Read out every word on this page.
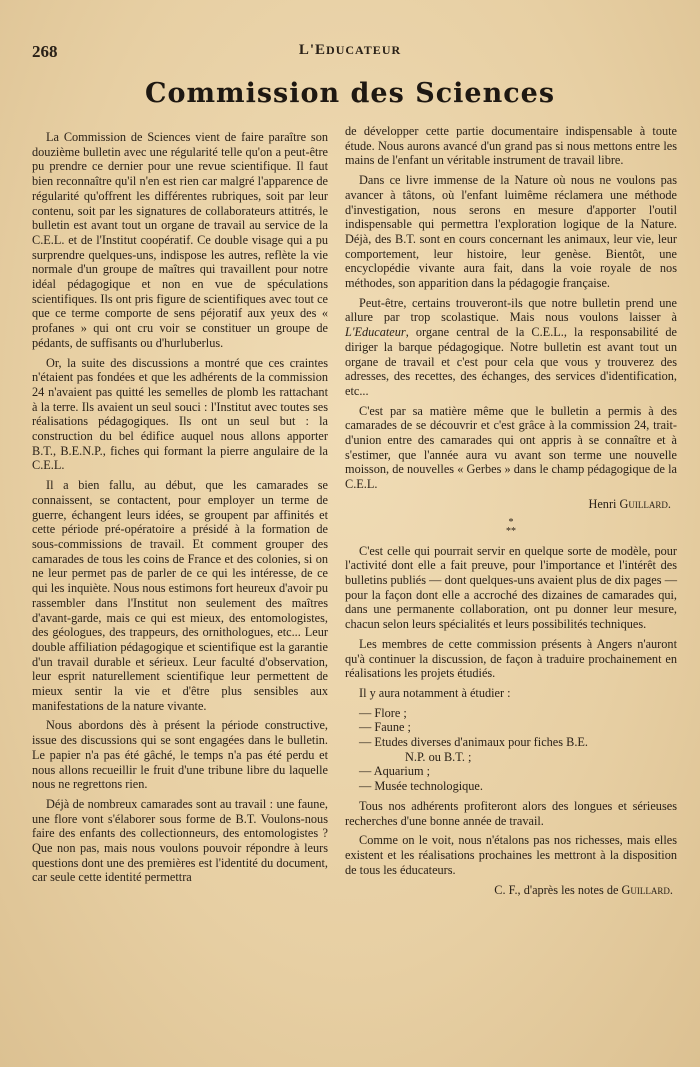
268	L'EDUCATEUR
Commission des Sciences

La Commission de Sciences vient de faire paraître son douzième bulletin avec une régularité telle qu'on a peut-être pu prendre ce dernier pour une revue scientifique. Il faut bien reconnaître qu'il n'en est rien car malgré l'apparence de régularité qu'offrent les différentes rubriques, soit par leur contenu, soit par les signatures de collaborateurs attitrés, le bulletin est avant tout un organe de travail au service de la C.E.L. et de l'Institut coopératif. Ce double visage qui a pu surprendre quelques-uns, indispose les autres, reflète la vie normale d'un groupe de maîtres qui travaillent pour notre idéal pédagogique et non en vue de spéculations scientifiques. Ils ont pris figure de scientifiques avec tout ce que ce terme comporte de sens péjoratif aux yeux des « profanes » qui ont cru voir se constituer un groupe de pédants, de suffisants ou d'hurluberlus.

Or, la suite des discussions a montré que ces craintes n'étaient pas fondées et que les adhérents de la commission 24 n'avaient pas quitté les semelles de plomb les rattachant à la terre. Ils avaient un seul souci : l'Institut avec toutes ses réalisations pédagogiques. Ils ont un seul but : la construction du bel édifice auquel nous allons apporter B.T., B.E.N.P., fiches qui formant la pierre angulaire de la C.E.L.

Il a bien fallu, au début, que les camarades se connaissent, se contactent, pour employer un terme de guerre, échangent leurs idées, se groupent par affinités et cette période pré-opératoire a présidé à la formation de sous-commissions de travail. Et comment grouper des camarades de tous les coins de France et des colonies, si on ne leur permet pas de parler de ce qui les intéresse, de ce qui les inquiète. Nous nous estimons fort heureux d'avoir pu rassembler dans l'Institut non seulement des maîtres d'avant-garde, mais ce qui est mieux, des entomologistes, des géologues, des trappeurs, des ornithologues, etc... Leur double affiliation pédagogique et scientifique est la garantie d'un travail durable et sérieux. Leur faculté d'observation, leur esprit naturellement scientifique leur permettent de mieux sentir la vie et d'être plus sensibles aux manifestations de la nature vivante.

Nous abordons dès à présent la période constructive, issue des discussions qui se sont engagées dans le bulletin. Le papier n'a pas été gâché, le temps n'a pas été perdu et nous allons recueillir le fruit d'une tribune libre du laquelle nous ne regrettons rien.

Déjà de nombreux camarades sont au travail : une faune, une flore vont s'élaborer sous forme de B.T. Voulons-nous faire des enfants des collectionneurs, des entomologistes ? Que non pas, mais nous voulons pouvoir répondre à leurs questions dont une des premières est l'identité du document, car seule cette identité permettra

de développer cette partie documentaire indispensable à toute étude. Nous aurons avancé d'un grand pas si nous mettons entre les mains de l'enfant un véritable instrument de travail libre.

Dans ce livre immense de la Nature où nous ne voulons pas avancer à tâtons, où l'enfant luimême réclamera une méthode d'investigation, nous serons en mesure d'apporter l'outil indispensable qui permettra l'exploration logique de la Nature. Déjà, des B.T. sont en cours concernant les animaux, leur vie, leur comportement, leur histoire, leur genèse. Bientôt, une encyclopédie vivante aura fait, dans la voie royale de nos méthodes, son apparition dans la pédagogie française.

Peut-être, certains trouveront-ils que notre bulletin prend une allure par trop scolastique. Mais nous voulons laisser à L'Educateur, organe central de la C.E.L., la responsabilité de diriger la barque pédagogique. Notre bulletin est avant tout un organe de travail et c'est pour cela que vous y trouverez des adresses, des recettes, des échanges, des services d'identification, etc...

C'est par sa matière même que le bulletin a permis à des camarades de se découvrir et c'est grâce à la commission 24, trait-d'union entre des camarades qui ont appris à se connaître et à s'estimer, que l'année aura vu avant son terme une nouvelle moisson, de nouvelles « Gerbes » dans le champ pédagogique de la C.E.L.

Henri Guillard.

*
**

C'est celle qui pourrait servir en quelque sorte de modèle, pour l'activité dont elle a fait preuve, pour l'importance et l'intérêt des bulletins publiés — dont quelques-uns avaient plus de dix pages — pour la façon dont elle a accroché des dizaines de camarades qui, dans une permanente collaboration, ont pu donner leur mesure, chacun selon leurs spécialités et leurs possibilités techniques.

Les membres de cette commission présents à Angers n'auront qu'à continuer la discussion, de façon à traduire prochainement en réalisations les projets étudiés.

Il y aura notamment à étudier :

— Flore ;
— Faune ;
— Etudes diverses d'animaux pour fiches B.E.
N.P. ou B.T. ;
— Aquarium ;
— Musée technologique.

Tous nos adhérents profiteront alors des longues et sérieuses recherches d'une bonne année de travail.

Comme on le voit, nous n'étalons pas nos richesses, mais elles existent et les réalisations prochaines les mettront à la disposition de tous les éducateurs.

C. F., d'après les notes de Guillard.
